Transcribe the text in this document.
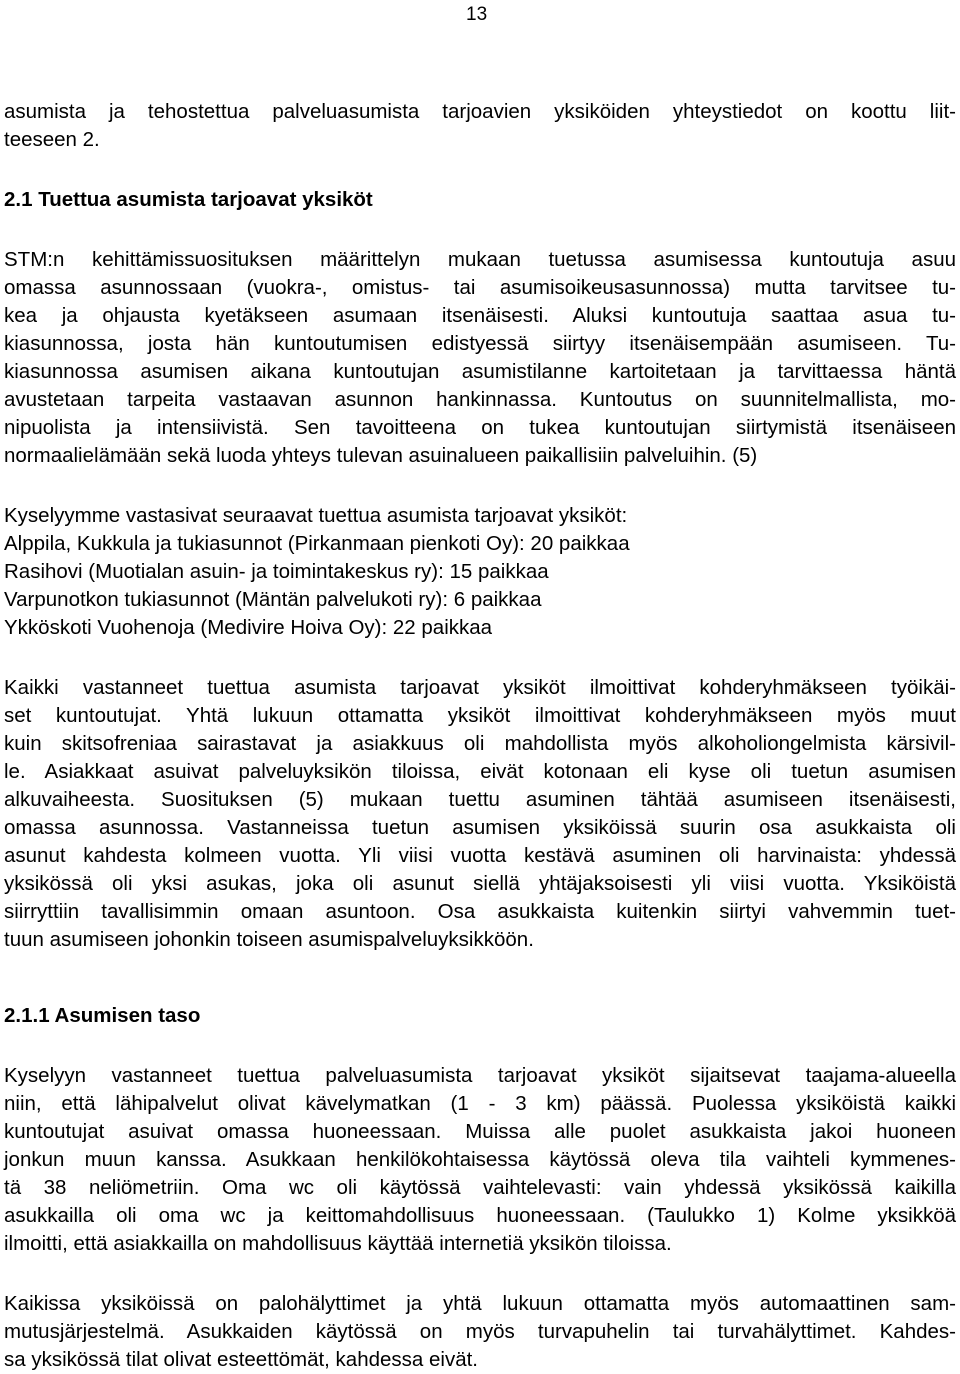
13
asumista ja tehostettua palveluasumista tarjoavien yksiköiden yhteystiedot on koottu liit-
teeseen 2.
2.1 Tuettua asumista tarjoavat yksiköt
STM:n kehittämissuosituksen määrittelyn mukaan tuetussa asumisessa kuntoutuja asuu
omassa asunnossaan (vuokra-, omistus- tai asumisoikeusasunnossa) mutta tarvitsee tu-
kea ja ohjausta kyetäkseen asumaan itsenäisesti. Aluksi kuntoutuja saattaa asua tu-
kiasunnossa, josta hän kuntoutumisen edistyessä siirtyy itsenäisempään asumiseen. Tu-
kiasunnossa asumisen aikana kuntoutujan asumistilanne kartoitetaan ja tarvittaessa häntä
avustetaan tarpeita vastaavan asunnon hankinnassa. Kuntoutus on suunnitelmallista, mo-
nipuolista ja intensiivistä. Sen tavoitteena on tukea kuntoutujan siirtymistä itsenäiseen
normaalielämään sekä luoda yhteys tulevan asuinalueen paikallisiin palveluihin. (5)
Kyselyymme vastasivat seuraavat tuettua asumista tarjoavat yksiköt:
Alppila, Kukkula ja tukiasunnot (Pirkanmaan pienkoti Oy): 20 paikkaa
Rasihovi (Muotialan asuin- ja toimintakeskus ry): 15 paikkaa
Varpunotkon tukiasunnot (Mäntän palvelukoti ry): 6 paikkaa
Ykköskoti Vuohenoja (Medivire Hoiva Oy): 22 paikkaa
Kaikki vastanneet tuettua asumista tarjoavat yksiköt ilmoittivat kohderyhmäkseen työikäi-
set kuntoutujat. Yhtä lukuun ottamatta yksiköt ilmoittivat kohderyhmäkseen myös muut
kuin skitsofreniaa sairastavat ja asiakkuus oli mahdollista myös alkoholiongelmista kärsivil-
le. Asiakkaat asuivat palveluyksikön tiloissa, eivät kotonaan eli kyse oli tuetun asumisen
alkuvaiheesta. Suosituksen (5) mukaan tuettu asuminen tähtää asumiseen itsenäisesti,
omassa asunnossa. Vastanneissa tuetun asumisen yksiköissä suurin osa asukkaista oli
asunut kahdesta kolmeen vuotta. Yli viisi vuotta kestävä asuminen oli harvinaista: yhdessä
yksikössä oli yksi asukas, joka oli asunut siellä yhtäjaksoisesti yli viisi vuotta. Yksiköistä
siirryttiin tavallisimmin omaan asuntoon. Osa asukkaista kuitenkin siirtyi vahvemmin tuet-
tuun asumiseen johonkin toiseen asumispalveluyksikköön.
2.1.1 Asumisen taso
Kyselyyn vastanneet tuettua palveluasumista tarjoavat yksiköt sijaitsevat taajama-alueella
niin, että lähipalvelut olivat kävelymatkan (1 - 3 km) päässä. Puolessa yksiköistä kaikki
kuntoutujat asuivat omassa huoneessaan. Muissa alle puolet asukkaista jakoi huoneen
jonkun muun kanssa. Asukkaan henkilökohtaisessa käytössä oleva tila vaihteli kymmenes-
tä 38 neliömetriin. Oma wc oli käytössä vaihtelevasti: vain yhdessä yksikössä kaikilla
asukkailla oli oma wc ja keittomahdollisuus huoneessaan. (Taulukko 1) Kolme yksikköä
ilmoitti, että asiakkailla on mahdollisuus käyttää internetiä yksikön tiloissa.
Kaikissa yksiköissä on palohälyttimet ja yhtä lukuun ottamatta myös automaattinen sam-
mutusjärjestelmä. Asukkaiden käytössä on myös turvapuhelin tai turvahälyttimet. Kahdes-
sa yksikössä tilat olivat esteettömät, kahdessa eivät.
